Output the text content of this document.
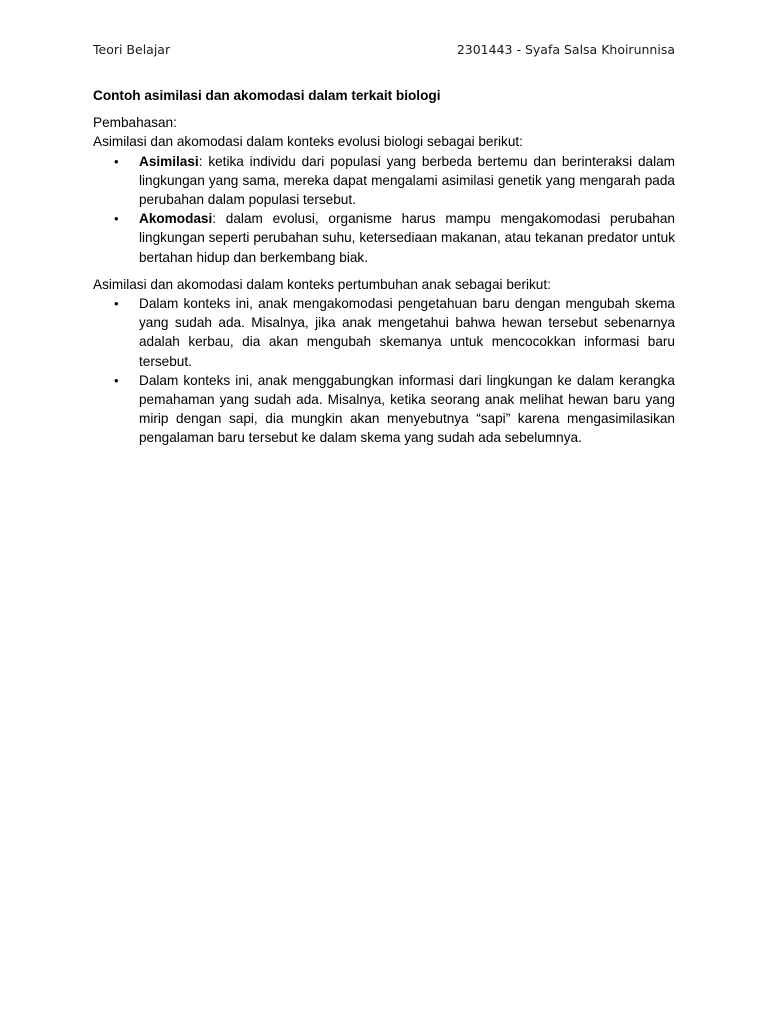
Teori Belajar	2301443 - Syafa Salsa Khoirunnisa

Contoh asimilasi dan akomodasi dalam terkait biologi

Pembahasan:

Asimilasi dan akomodasi dalam konteks evolusi biologi sebagai berikut:

• Asimilasi: ketika individu dari populasi yang berbeda bertemu dan berinteraksi dalam lingkungan yang sama, mereka dapat mengalami asimilasi genetik yang mengarah pada perubahan dalam populasi tersebut.
• Akomodasi: dalam evolusi, organisme harus mampu mengakomodasi perubahan lingkungan seperti perubahan suhu, ketersediaan makanan, atau tekanan predator untuk bertahan hidup dan berkembang biak.

Asimilasi dan akomodasi dalam konteks pertumbuhan anak sebagai berikut:

• Dalam konteks ini, anak mengakomodasi pengetahuan baru dengan mengubah skema yang sudah ada. Misalnya, jika anak mengetahui bahwa hewan tersebut sebenarnya adalah kerbau, dia akan mengubah skemanya untuk mencocokkan informasi baru tersebut.
• Dalam konteks ini, anak menggabungkan informasi dari lingkungan ke dalam kerangka pemahaman yang sudah ada. Misalnya, ketika seorang anak melihat hewan baru yang mirip dengan sapi, dia mungkin akan menyebutnya “sapi” karena mengasimilasikan pengalaman baru tersebut ke dalam skema yang sudah ada sebelumnya.
